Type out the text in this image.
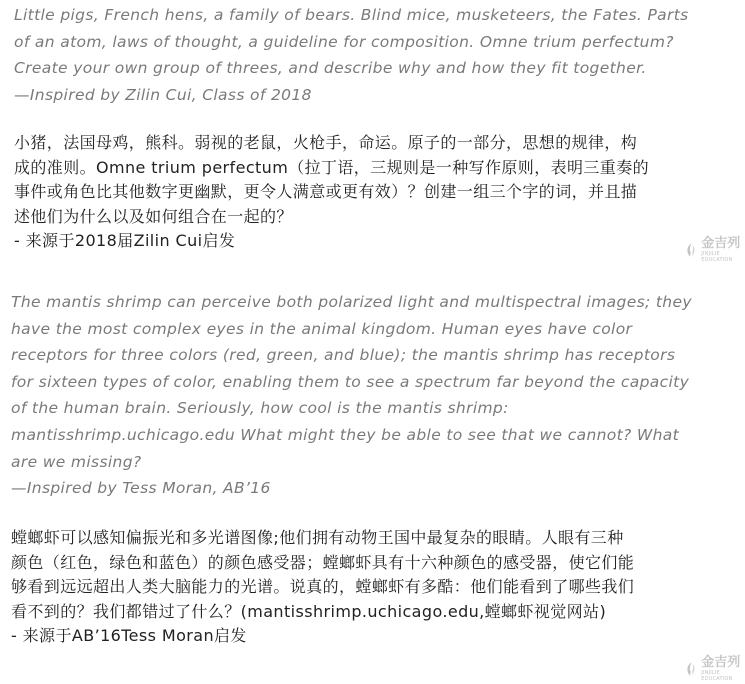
Little pigs, French hens, a family of bears. Blind mice, musketeers, the Fates. Parts

of an atom, laws of thought, a guideline for composition. Omne trium perfectum?

Create your own group of threes, and describe why and how they fit together.

—Inspired by Zilin Cui, Class of 2018

小猪，法国母鸡，熊科。弱视的老鼠，火枪手，命运。原子的一部分，思想的规律，构

成的准则。Omne trium perfectum（拉丁语，三规则是一种写作原则，表明三重奏的

事件或角色比其他数字更幽默，更令人满意或更有效）？创建一组三个字的词，并且描

述他们为什么以及如何组合在一起的？

- 来源于2018届Zilin Cui启发	金吉列
JINJILIE EDUCATION

The mantis shrimp can perceive both polarized light and multispectral images; they

have the most complex eyes in the animal kingdom. Human eyes have color

receptors for three colors (red, green, and blue); the mantis shrimp has receptors

for sixteen types of color, enabling them to see a spectrum far beyond the capacity

of the human brain. Seriously, how cool is the mantis shrimp:

mantisshrimp.uchicago.edu What might they be able to see that we cannot? What

are we missing?

—Inspired by Tess Moran, AB’16

螳螂虾可以感知偏振光和多光谱图像;他们拥有动物王国中最复杂的眼睛。人眼有三种

颜色（红色，绿色和蓝色）的颜色感受器；螳螂虾具有十六种颜色的感受器，使它们能

够看到远远超出人类大脑能力的光谱。说真的，螳螂虾有多酷：他们能看到了哪些我们

看不到的？我们都错过了什么？(mantisshrimp.uchicago.edu,螳螂虾视觉网站)

- 来源于AB’16Tess Moran启发

金吉列
JINJILIE EDUCATION
